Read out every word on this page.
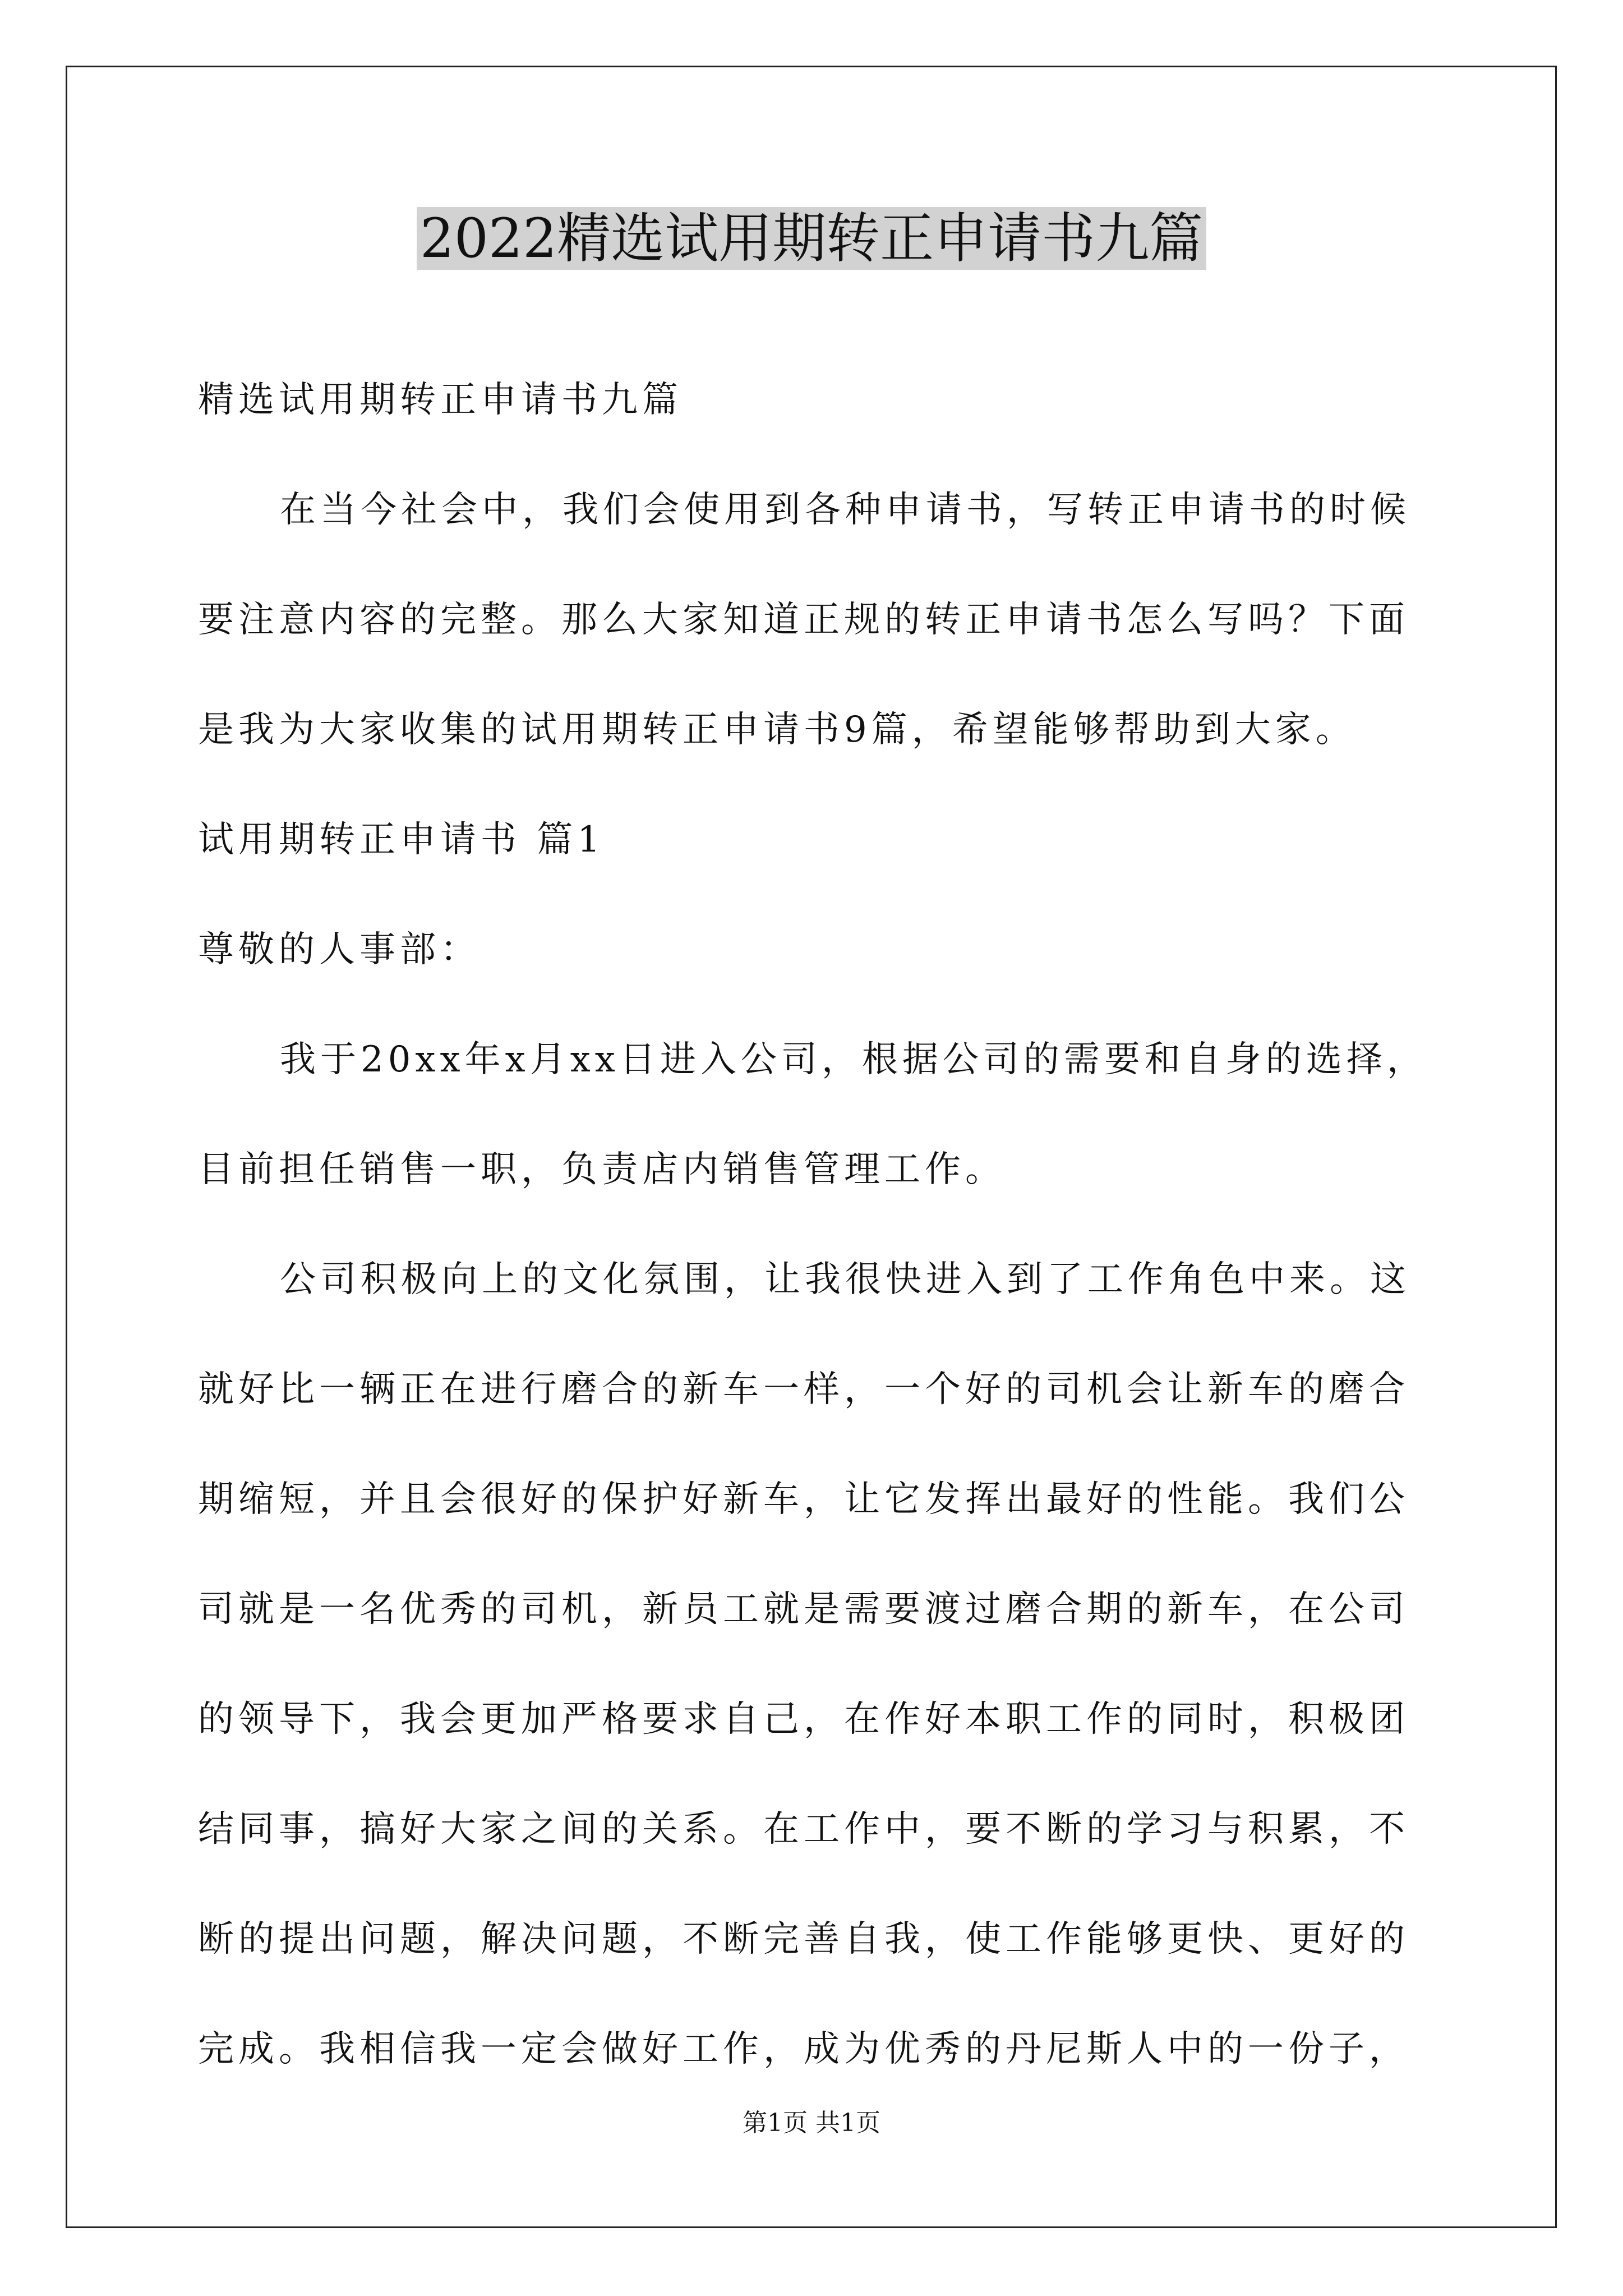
2022精选试用期转正申请书九篇

精选试用期转正申请书九篇

在当今社会中，我们会使用到各种申请书，写转正申请书的时候
要注意内容的完整。那么大家知道正规的转正申请书怎么写吗？下面
是我为大家收集的试用期转正申请书9篇，希望能够帮助到大家。

试用期转正申请书 篇1

尊敬的人事部：

我于20xx年x月xx日进入公司，根据公司的需要和自身的选择，
目前担任销售一职，负责店内销售管理工作。

公司积极向上的文化氛围，让我很快进入到了工作角色中来。这
就好比一辆正在进行磨合的新车一样，一个好的司机会让新车的磨合
期缩短，并且会很好的保护好新车，让它发挥出最好的性能。我们公
司就是一名优秀的司机，新员工就是需要渡过磨合期的新车，在公司
的领导下，我会更加严格要求自己，在作好本职工作的同时，积极团
结同事，搞好大家之间的关系。在工作中，要不断的学习与积累，不
断的提出问题，解决问题，不断完善自我，使工作能够更快、更好的
完成。我相信我一定会做好工作，成为优秀的丹尼斯人中的一份子，

第1页 共1页
